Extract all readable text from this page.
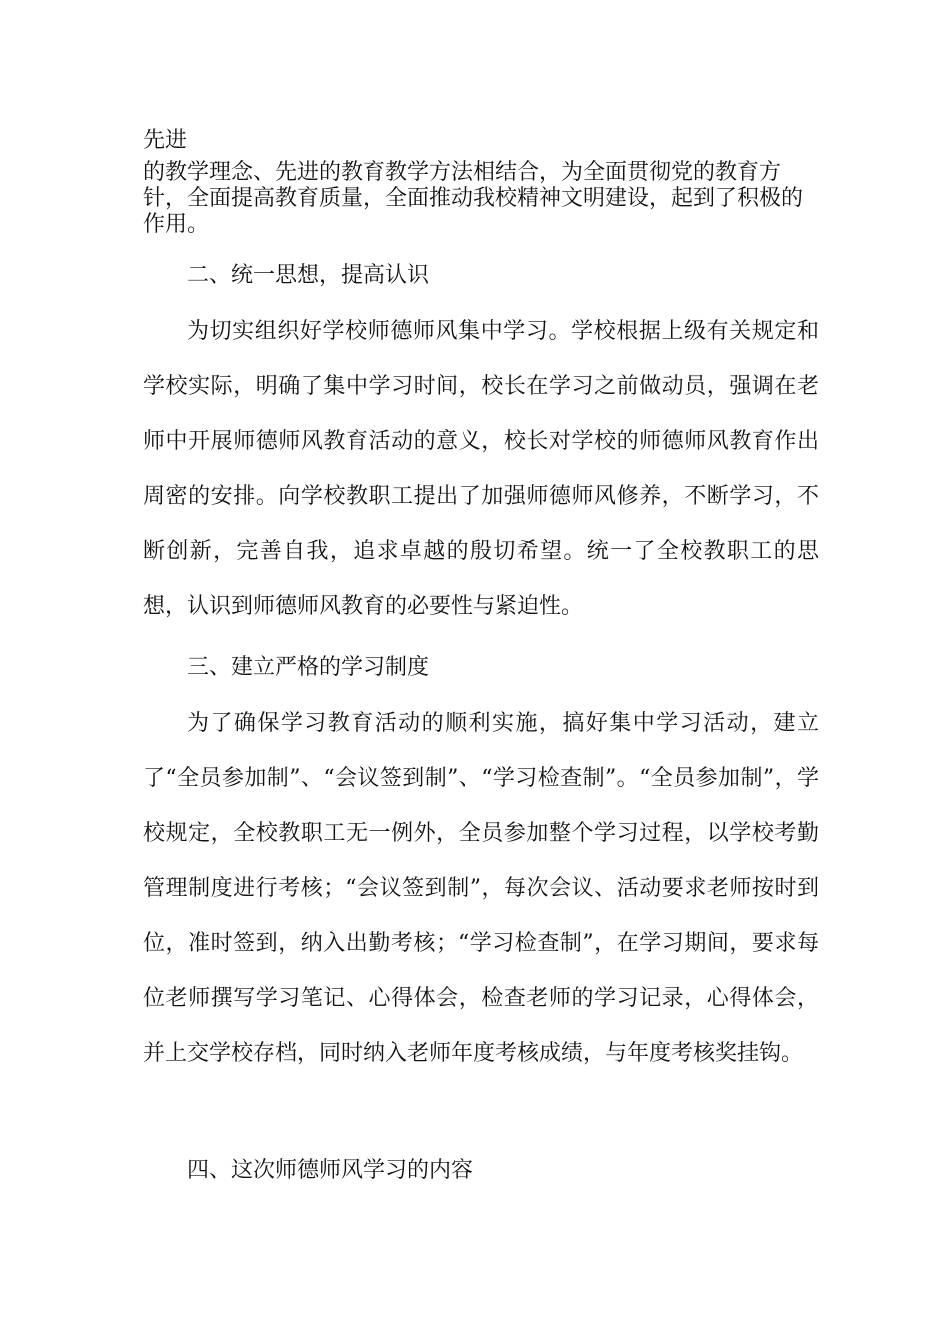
先进

的教学理念、先进的教育教学方法相结合，为全面贯彻党的教育方针，全面提高教育质量，全面推动我校精神文明建设，起到了积极的作用。

二、统一思想，提高认识

为切实组织好学校师德师风集中学习。学校根据上级有关规定和学校实际，明确了集中学习时间，校长在学习之前做动员，强调在老师中开展师德师风教育活动的意义，校长对学校的师德师风教育作出周密的安排。向学校教职工提出了加强师德师风修养，不断学习，不断创新，完善自我，追求卓越的殷切希望。统一了全校教职工的思想，认识到师德师风教育的必要性与紧迫性。

三、建立严格的学习制度

为了确保学习教育活动的顺利实施，搞好集中学习活动，建立了“全员参加制”、“会议签到制”、“学习检查制”。“全员参加制”，学校规定，全校教职工无一例外，全员参加整个学习过程，以学校考勤管理制度进行考核；“会议签到制”，每次会议、活动要求老师按时到位，准时签到，纳入出勤考核；“学习检查制”，在学习期间，要求每位老师撰写学习笔记、心得体会，检查老师的学习记录，心得体会，并上交学校存档，同时纳入老师年度考核成绩，与年度考核奖挂钩。

四、这次师德师风学习的内容
